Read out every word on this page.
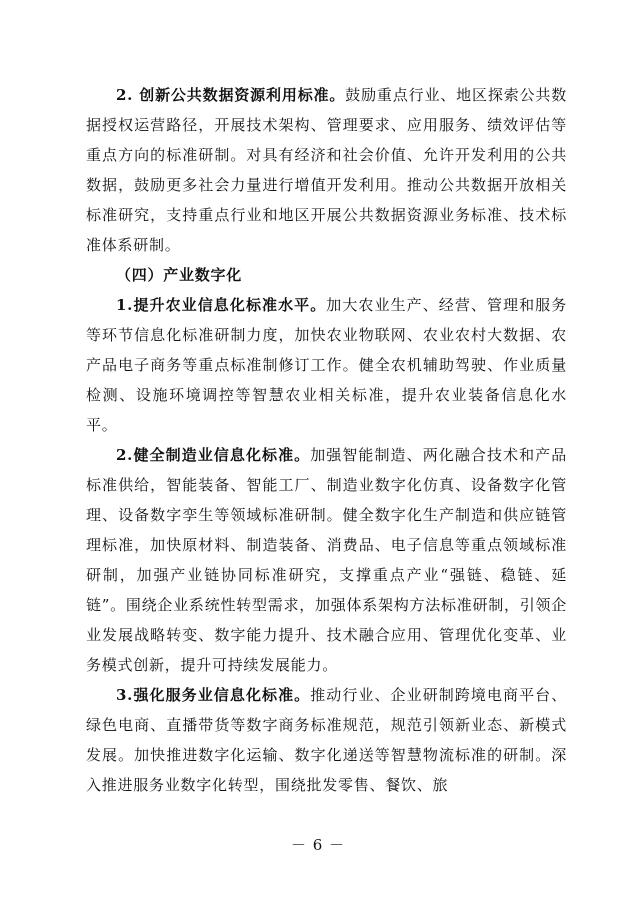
2. 创新公共数据资源利用标准。鼓励重点行业、地区探索公共数据授权运营路径，开展技术架构、管理要求、应用服务、绩效评估等重点方向的标准研制。对具有经济和社会价值、允许开发利用的公共数据，鼓励更多社会力量进行增值开发利用。推动公共数据开放相关标准研究，支持重点行业和地区开展公共数据资源业务标准、技术标准体系研制。

（四）产业数字化

1.提升农业信息化标准水平。加大农业生产、经营、管理和服务等环节信息化标准研制力度，加快农业物联网、农业农村大数据、农产品电子商务等重点标准制修订工作。健全农机辅助驾驶、作业质量检测、设施环境调控等智慧农业相关标准，提升农业装备信息化水平。

2.健全制造业信息化标准。加强智能制造、两化融合技术和产品标准供给，智能装备、智能工厂、制造业数字化仿真、设备数字化管理、设备数字孪生等领域标准研制。健全数字化生产制造和供应链管理标准，加快原材料、制造装备、消费品、电子信息等重点领域标准研制，加强产业链协同标准研究，支撑重点产业“强链、稳链、延链”。围绕企业系统性转型需求，加强体系架构方法标准研制，引领企业发展战略转变、数字能力提升、技术融合应用、管理优化变革、业务模式创新，提升可持续发展能力。

3.强化服务业信息化标准。推动行业、企业研制跨境电商平台、绿色电商、直播带货等数字商务标准规范，规范引领新业态、新模式发展。加快推进数字化运输、数字化递送等智慧物流标准的研制。深入推进服务业数字化转型，围绕批发零售、餐饮、旅

－ 6 －
